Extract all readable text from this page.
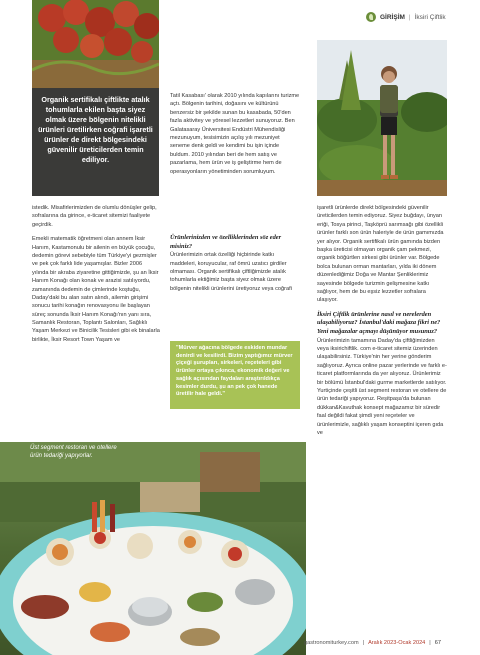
GİRİŞİM | İksiri Çiftlik
Organik sertifikalı çiftlikte atalık tohumlarla ekilen başta siyez olmak üzere bölgenin nitelikli ürünleri üretilirken coğrafi işaretli ürünler de direkt bölgesindeki güvenilir üreticilerden temin ediliyor.

istedik. Misafirlerimizden de olumlu dönüşler gelip, sofralarına da girince, e-ticaret sitemizi faaliyete geçirdik.

Emekli matematik öğretmeni olan annem İksir Hanım, Kastamonulu bir ailenin en büyük çocuğu, dedemin görevi sebebiyle tüm Türkiye'yi gezmişler ve pek çok farklı lide yaşamışlar. Bizler 2006 yılında bir akraba ziyaretine gittiğimizde, şu an İksir Hanım Konağı olan konak ve arazisi satılıyordu, zamanında dedemin de çimlerinde koştuğu, Daday'daki bu alan satın alındı, ailemin girişimi sonucu tarihi konağın renovasyonu ile başlayan süreç sonunda İksir Hanım Konağı'nın yanı sıra, Samanlık Restoran, Toplantı Salonları, Sağlıklı Yaşam Merkezi ve Binicilik Tesisleri gibi ek binalarla birlikte, İksir Resort Town Yaşam ve

Tatil Kasabası' olarak 2010 yılında kapılarını turizme açtı. Bölgenin tarihini, doğasını ve kültürünü benzersiz bir şekilde sunan bu kasabada, 50'den fazla aktivitey ve yöresel lezzetleri sunuyoruz. Ben Galatasaray Üniversitesi Endüstri Mühendisliği mezunuyum, tesisimizin açılış yılı mezuniyet seneme denk geldi ve kendimi bu işin içinde buldum. 2010 yılından beri de hem satış ve pazarlama, hem ürün ve iş geliştirme hem de operasyonların yönetiminden sorumluyum.

Ürünlerinizden ve özelliklerinden söz eder misiniz?

Ürünlerimizin ortak özelliği hiçbirinde katkı maddeleri, koruyucular, raf ömrü uzatıcı girdiler olmaması. Organik sertifikalı çiftliğimizde atalık tohumlarla ektiğimiz başta siyez olmak üzere bölgenin nitelikli ürünlerini üretiyoruz veya coğrafi

"Mürver ağacına bölgede eskiden mundar denirdi ve kesilirdi. Bizim yaptığımız mürver çiçeği şurupları, sirkeleri, reçeteleri gibi ürünler ortaya çıkınca, ekonomik değeri ve sağlık açısından faydaları araştırıldıkça kesimler durdu, şu an pek çok hanede üretilir hale geldi."

işaretli ürünlerde direkt bölgesindeki güvenilir üreticilerden temin ediyoruz. Siyez buğdayı, ünyan eriği, Tosya pirinci, Taşköprü sarımsağı gibi özellikli ürünler farklı son ürün haleriyle de ürün gamımızda yer alıyor. Organik sertifikalı ürün gamında bizden başka üreticisi olmayan organik çam pekmezi, organik böğürtlen sirkesi gibi ürünler var. Bölgede bolca bulunan orman mantarları, yılda iki dönem düzenlediğimiz Doğa ve Mantar Şenliklerimiz sayesinde bölgede turizmin gelişmesine katkı sağlıyor, hem de bu eşsiz lezzetler sofralara ulaşıyor.

İksiri Çiftlik ürünlerine nasıl ve nerelerden ulaşabiliyoruz? İstanbul'daki mağaza fikri ne? Yeni mağazalar açmayı düşünüyor musunuz?

Ürünlerimizin tamamına Daday'da çiftliğimizden veya iksirichiftlik. com e-ticaret sitemiz üzerinden ulaşabilirsiniz. Türkiye'nin her yerine gönderim sağlıyoruz. Ayrıca online pazar yerlerinde ve farklı e-ticaret platformlarında da yer alıyoruz. Ürünlerimiz bir bölümü İstanbul'daki gurme marketlerde satılıyor. Yurtiçinde çeşitli üst segment restoran ve otellere de ürün tedariği yapıyoruz. Reşitpaşa'da bulunan dükkan&Kavuthak konsept mağazamız bir süredir faal değildi fakat şimdi yeni reçeteler ve ürünlerimizle, sağlıklı yaşam konseptini içeren gıda ve

Üst segment restoran ve otellere ürün tedariği yapıyorlar.
gastronomiturkey.com | Aralık 2023-Ocak 2024 | 67
